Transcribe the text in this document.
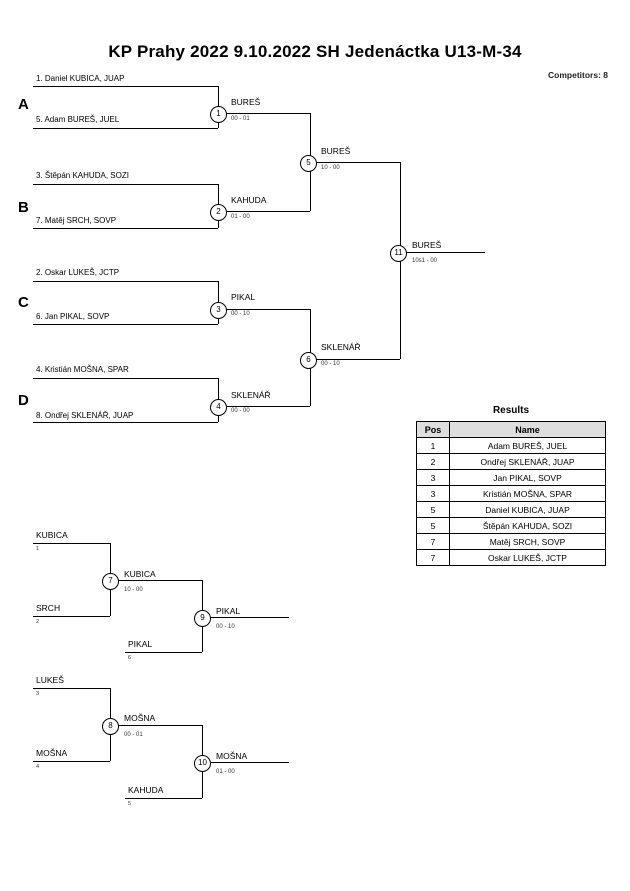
KP Prahy 2022 9.10.2022 SH Jedenáctka U13-M-34
Competitors: 8
A
B
C
D
1. Daniel KUBICA, JUAP
5. Adam BUREŠ, JUEL
3. Štěpán KAHUDA, SOZI
7. Matěj SRCH, SOVP
2. Oskar LUKEŠ, JCTP
6. Jan PIKAL, SOVP
4. Kristián MOŠNA, SPAR
8. Ondřej SKLENÁŘ, JUAP
1
2
3
4
BUREŠ
00 - 01
KAHUDA
01 - 00
PIKAL
00 - 10
SKLENÁŘ
00 - 00
5
6
BUREŠ
10 - 00
SKLENÁŘ
00 - 10
11
BUREŠ
10s1 - 00
KUBICA
1
SRCH
2
PIKAL
6
7
9
KUBICA
10 - 00
PIKAL
00 - 10
LUKEŠ
3
MOŠNA
4
KAHUDA
5
8
10
MOŠNA
00 - 01
MOŠNA
01 - 00
Results
Pos	Name
1	Adam BUREŠ, JUEL
2	Ondřej SKLENÁŘ, JUAP
3	Jan PIKAL, SOVP
3	Kristián MOŠNA, SPAR
5	Daniel KUBICA, JUAP
5	Štěpán KAHUDA, SOZI
7	Matěj SRCH, SOVP
7	Oskar LUKEŠ, JCTP
